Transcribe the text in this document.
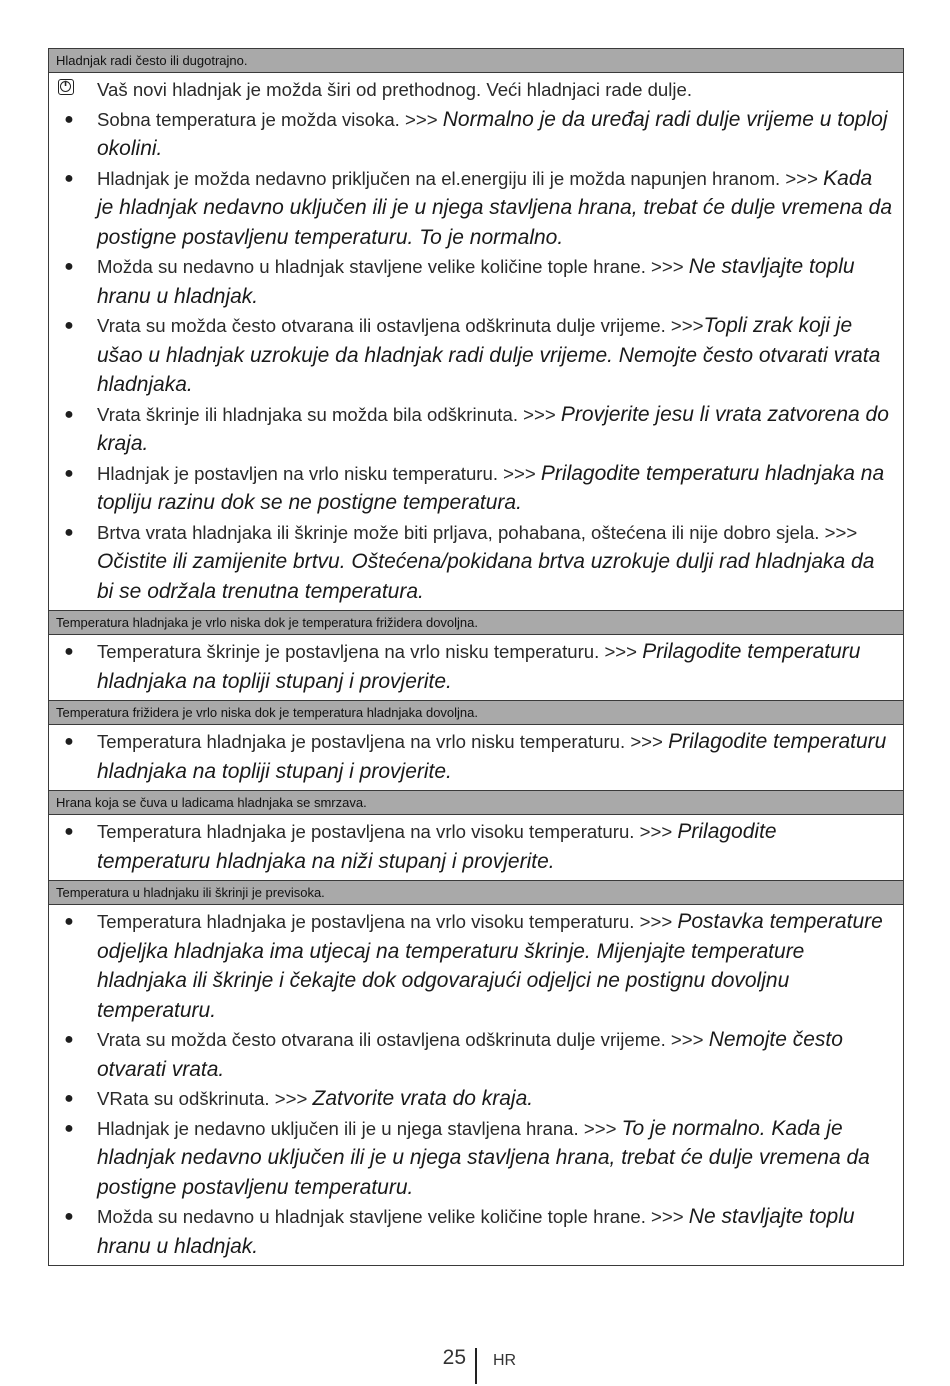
Hladnjak radi često ili dugotrajno.
i
Vaš novi hladnjak je možda širi od prethodnog. Veći hladnjaci rade dulje.
●	Sobna temperatura je možda visoka. >>> Normalno je da uređaj radi dulje vrijeme u toploj okolini.
●	Hladnjak je možda nedavno priključen na el.energiju ili je možda napunjen hranom. >>> Kada je hladnjak nedavno uključen ili je u njega stavljena hrana, trebat će dulje vremena da postigne postavljenu temperaturu. To je normalno.
●	Možda su nedavno u hladnjak stavljene velike količine tople hrane. >>> Ne stavljajte toplu hranu u hladnjak.
●	Vrata su možda često otvarana ili ostavljena odškrinuta dulje vrijeme. >>>Topli zrak koji je ušao u hladnjak uzrokuje da hladnjak radi dulje vrijeme. Nemojte često otvarati vrata hladnjaka.
●	Vrata škrinje ili hladnjaka su možda bila odškrinuta. >>> Provjerite jesu li vrata zatvorena do kraja.
●	Hladnjak je postavljen na vrlo nisku temperaturu. >>> Prilagodite temperaturu hladnjaka na topliju razinu dok se ne postigne temperatura.
●	Brtva vrata hladnjaka ili škrinje može biti prljava, pohabana, oštećena ili nije dobro sjela. >>> Očistite ili zamijenite brtvu. Oštećena/pokidana brtva uzrokuje dulji rad hladnjaka da bi se održala trenutna temperatura.
Temperatura hladnjaka je vrlo niska dok je temperatura frižidera dovoljna.
●	Temperatura škrinje je postavljena na vrlo nisku temperaturu. >>> Prilagodite temperaturu hladnjaka na topliji stupanj i provjerite.
Temperatura frižidera je vrlo niska dok je temperatura hladnjaka dovoljna.
●	Temperatura hladnjaka je postavljena na vrlo nisku temperaturu. >>> Prilagodite temperaturu hladnjaka na topliji stupanj i provjerite.
Hrana koja se čuva u ladicama hladnjaka se smrzava.
●	Temperatura hladnjaka je postavljena na vrlo visoku temperaturu. >>> Prilagodite temperaturu hladnjaka na niži stupanj i provjerite.
Temperatura u hladnjaku ili škrinji je previsoka.
●	Temperatura hladnjaka je postavljena na vrlo visoku temperaturu. >>> Postavka temperature odjeljka hladnjaka ima utjecaj na temperaturu škrinje. Mijenjajte temperature hladnjaka ili škrinje i čekajte dok odgovarajući odjeljci ne postignu dovoljnu temperaturu.
●	Vrata su možda često otvarana ili ostavljena odškrinuta dulje vrijeme. >>> Nemojte često otvarati vrata.
●	VRata su odškrinuta. >>> Zatvorite vrata do kraja.
●	Hladnjak je nedavno uključen ili je u njega stavljena hrana. >>> To je normalno. Kada je hladnjak nedavno uključen ili je u njega stavljena hrana, trebat će dulje vremena da postigne postavljenu temperaturu.
●	Možda su nedavno u hladnjak stavljene velike količine tople hrane. >>> Ne stavljajte toplu hranu u hladnjak.
25 HR
